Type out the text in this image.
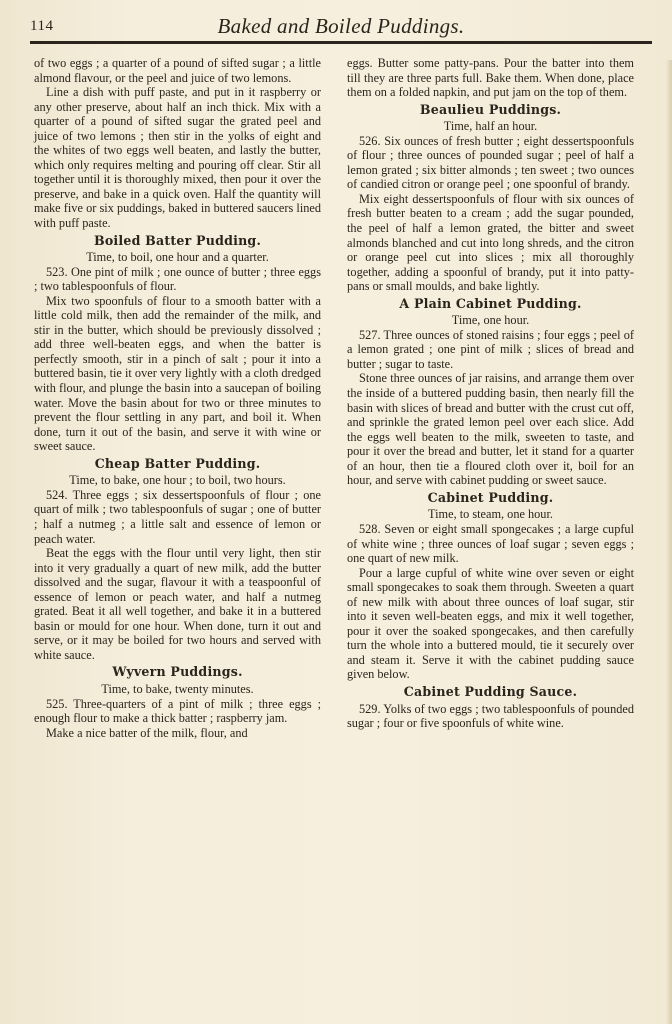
114	Baked and Boiled Puddings.

of two eggs ; a quarter of a pound of sifted sugar ; a little almond flavour, or the peel and juice of two lemons.

Line a dish with puff paste, and put in it raspberry or any other preserve, about half an inch thick. Mix with a quarter of a pound of sifted sugar the grated peel and juice of two lemons ; then stir in the yolks of eight and the whites of two eggs well beaten, and lastly the butter, which only requires melting and pouring off clear. Stir all together until it is thoroughly mixed, then pour it over the preserve, and bake in a quick oven. Half the quantity will make five or six puddings, baked in buttered saucers lined with puff paste.

Boiled Batter Pudding.

Time, to boil, one hour and a quarter.

523. One pint of milk ; one ounce of butter ; three eggs ; two tablespoonfuls of flour.

Mix two spoonfuls of flour to a smooth batter with a little cold milk, then add the remainder of the milk, and stir in the butter, which should be previously dissolved ; add three well-beaten eggs, and when the batter is perfectly smooth, stir in a pinch of salt ; pour it into a buttered basin, tie it over very lightly with a cloth dredged with flour, and plunge the basin into a saucepan of boiling water. Move the basin about for two or three minutes to prevent the flour settling in any part, and boil it. When done, turn it out of the basin, and serve it with wine or sweet sauce.

Cheap Batter Pudding.

Time, to bake, one hour ; to boil, two hours.

524. Three eggs ; six dessertspoonfuls of flour ; one quart of milk ; two tablespoonfuls of sugar ; one of butter ; half a nutmeg ; a little salt and essence of lemon or peach water.

Beat the eggs with the flour until very light, then stir into it very gradually a quart of new milk, add the butter dissolved and the sugar, flavour it with a teaspoonful of essence of lemon or peach water, and half a nutmeg grated. Beat it all well together, and bake it in a buttered basin or mould for one hour. When done, turn it out and serve, or it may be boiled for two hours and served with white sauce.

Wyvern Puddings.

Time, to bake, twenty minutes.

525. Three-quarters of a pint of milk ; three eggs ; enough flour to make a thick batter ; raspberry jam.

Make a nice batter of the milk, flour, and

eggs. Butter some patty-pans. Pour the batter into them till they are three parts full. Bake them. When done, place them on a folded napkin, and put jam on the top of them.

Beaulieu Puddings.

Time, half an hour.

526. Six ounces of fresh butter ; eight dessertspoonfuls of flour ; three ounces of pounded sugar ; peel of half a lemon grated ; six bitter almonds ; ten sweet ; two ounces of candied citron or orange peel ; one spoonful of brandy.

Mix eight dessertspoonfuls of flour with six ounces of fresh butter beaten to a cream ; add the sugar pounded, the peel of half a lemon grated, the bitter and sweet almonds blanched and cut into long shreds, and the citron or orange peel cut into slices ; mix all thoroughly together, adding a spoonful of brandy, put it into patty-pans or small moulds, and bake lightly.

A Plain Cabinet Pudding.

Time, one hour.

527. Three ounces of stoned raisins ; four eggs ; peel of a lemon grated ; one pint of milk ; slices of bread and butter ; sugar to taste.

Stone three ounces of jar raisins, and arrange them over the inside of a buttered pudding basin, then nearly fill the basin with slices of bread and butter with the crust cut off, and sprinkle the grated lemon peel over each slice. Add the eggs well beaten to the milk, sweeten to taste, and pour it over the bread and butter, let it stand for a quarter of an hour, then tie a floured cloth over it, boil for an hour, and serve with cabinet pudding or sweet sauce.

Cabinet Pudding.

Time, to steam, one hour.

528. Seven or eight small spongecakes ; a large cupful of white wine ; three ounces of loaf sugar ; seven eggs ; one quart of new milk.

Pour a large cupful of white wine over seven or eight small spongecakes to soak them through. Sweeten a quart of new milk with about three ounces of loaf sugar, stir into it seven well-beaten eggs, and mix it well together, pour it over the soaked spongecakes, and then carefully turn the whole into a buttered mould, tie it securely over and steam it. Serve it with the cabinet pudding sauce given below.

Cabinet Pudding Sauce.

529. Yolks of two eggs ; two tablespoonfuls of pounded sugar ; four or five spoonfuls of white wine.
